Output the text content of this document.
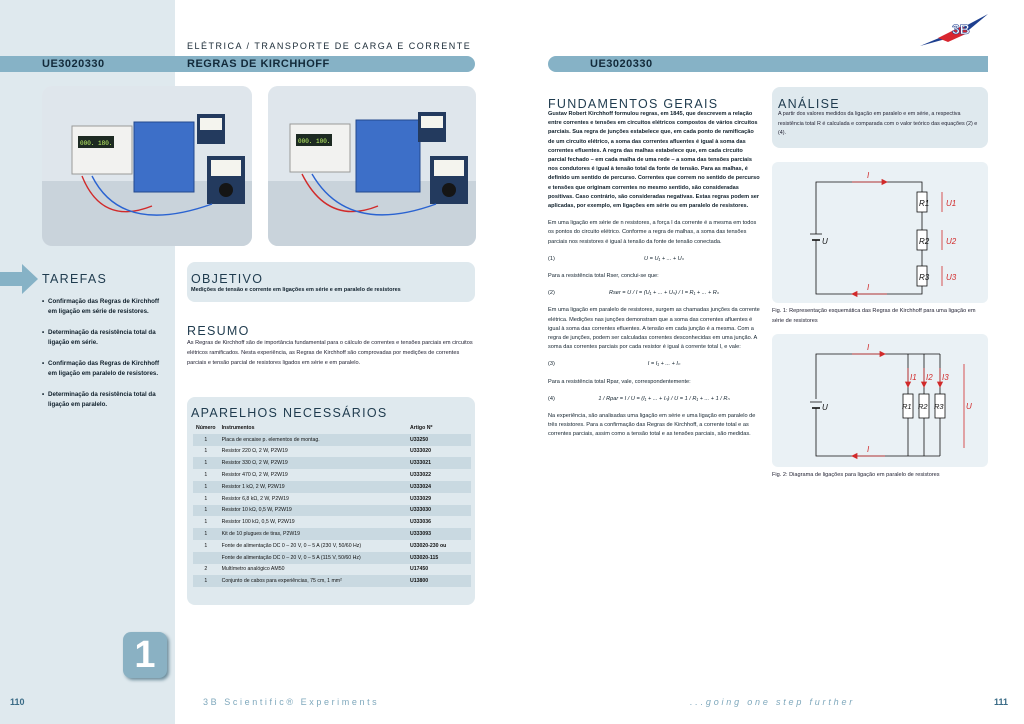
ELÉTRICA / TRANSPORTE DE CARGA E CORRENTE
UE3020330	REGRAS DE KIRCHHOFF	UE3020330
3B
000. 180.	000. 100.
TAREFAS
• Confirmação das Regras de Kirchhoff em ligação em série de resistores.
• Determinação da resistência total da ligação em série.
• Confirmação das Regras de Kirchhoff em ligação em paralelo de resistores.
• Determinação da resistência total da ligação em paralelo.
OBJETIVO
Medições de tensão e corrente em ligações em série e em paralelo de resistores
RESUMO
As Regras de Kirchhoff são de importância fundamental para o cálculo de correntes e tensões parciais em circuitos elétricos ramificados. Nesta experiência, as Regras de Kirchhoff são comprovadas por medições de correntes parciais e tensão parcial de resistores ligados em série e em paralelo.
APARELHOS NECESSÁRIOS
Número	Instrumentos	Artigo Nº
1	Placa de encaixe p. elementos de montag.	U33250
1	Resistor 220 Ω, 2 W, P2W19	U333020
1	Resistor 330 Ω, 2 W, P2W19	U333021
1	Resistor 470 Ω, 2 W, P2W19	U333022
1	Resistor 1 kΩ, 2 W, P2W19	U333024
1	Resistor 6,8 kΩ, 2 W, P2W19	U333029
1	Resistor 10 kΩ, 0,5 W, P2W19	U333030
1	Resistor 100 kΩ, 0,5 W, P2W19	U333036
1	Kit de 10 plugues de tiras, P2W19	U333093
1	Fonte de alimentação DC 0 – 20 V, 0 – 5 A (230 V, 50/60 Hz)	U33020-230 ou
	Fonte de alimentação DC 0 – 20 V, 0 – 5 A (115 V, 50/60 Hz)	U33020-115
2	Multímetro analógico AM50	U17450
1	Conjunto de cabos para experiências, 75 cm, 1 mm²	U13800
1
110	3B Scientific® Experiments	...going one step further	111
FUNDAMENTOS GERAIS

Gustav Robert Kirchhoff formulou regras, em 1845, que descrevem a relação entre correntes e tensões em circuitos elétricos compostos de vários circuitos parciais. Sua regra de junções estabelece que, em cada ponto de ramificação de um circuito elétrico, a soma das correntes afluentes é igual à soma das correntes efluentes. A regra das malhas estabelece que, em cada circuito parcial fechado – em cada malha de uma rede – a soma das tensões parciais nos condutores é igual à tensão total da fonte de tensão. Para as malhas, é definido um sentido de percurso. Correntes que correm no sentido de percurso e tensões que originam correntes no mesmo sentido, são consideradas positivas. Caso contrário, são consideradas negativas. Estas regras podem ser aplicadas, por exemplo, em ligações em série ou em paralelo de resistores.

Em uma ligação em série de n resistores, a força I da corrente é a mesma em todos os pontos do circuito elétrico. Conforme a regra de malhas, a soma das tensões parciais nos resistores é igual à tensão da fonte de tensão conectada.

(1)	U = U₁ + ... + Uₙ

Para a resistência total Rser, conclui-se que:

(2)	Rser = U / I = (U₁ + ... + Uₙ) / I = R₁ + ... + Rₙ

Em uma ligação em paralelo de resistores, surgem as chamadas junções da corrente elétrica. Medições nas junções demonstram que a soma das correntes afluentes é igual à soma das correntes efluentes. A tensão em cada junção é a mesma. Com a regra de junções, podem ser calculadas correntes desconhecidas em uma junção. A soma das correntes parciais por cada resistor é igual à corrente total I, e vale:

(3)	I = I₁ + ... + Iₙ

Para a resistência total Rpar, vale, correspondentemente:

(4)	1 / Rpar = I / U = (I₁ + ... + Iₙ) / U = 1 / R₁ + ... + 1 / Rₙ

Na experiência, são analisadas uma ligação em série e uma ligação em paralelo de três resistores. Para a confirmação das Regras de Kirchhoff, a corrente total e as correntes parciais, assim como a tensão total e as tensões parciais, são medidas.

ANÁLISE
A partir dos valores medidos da ligação em paralelo e em série, a respectiva resistência total R é calculada e comparada com o valor teórico das equações (2) e (4).
I
I
R1
R2
R3
U1
U2
U3
U
Fig. 1: Representação esquemática das Regras de Kirchhoff para uma ligação em série de resistores
I
I
I1 I2 I3
R1 R2 R3
U	U
Fig. 2: Diagrama de ligações para ligação em paralelo de resistores
